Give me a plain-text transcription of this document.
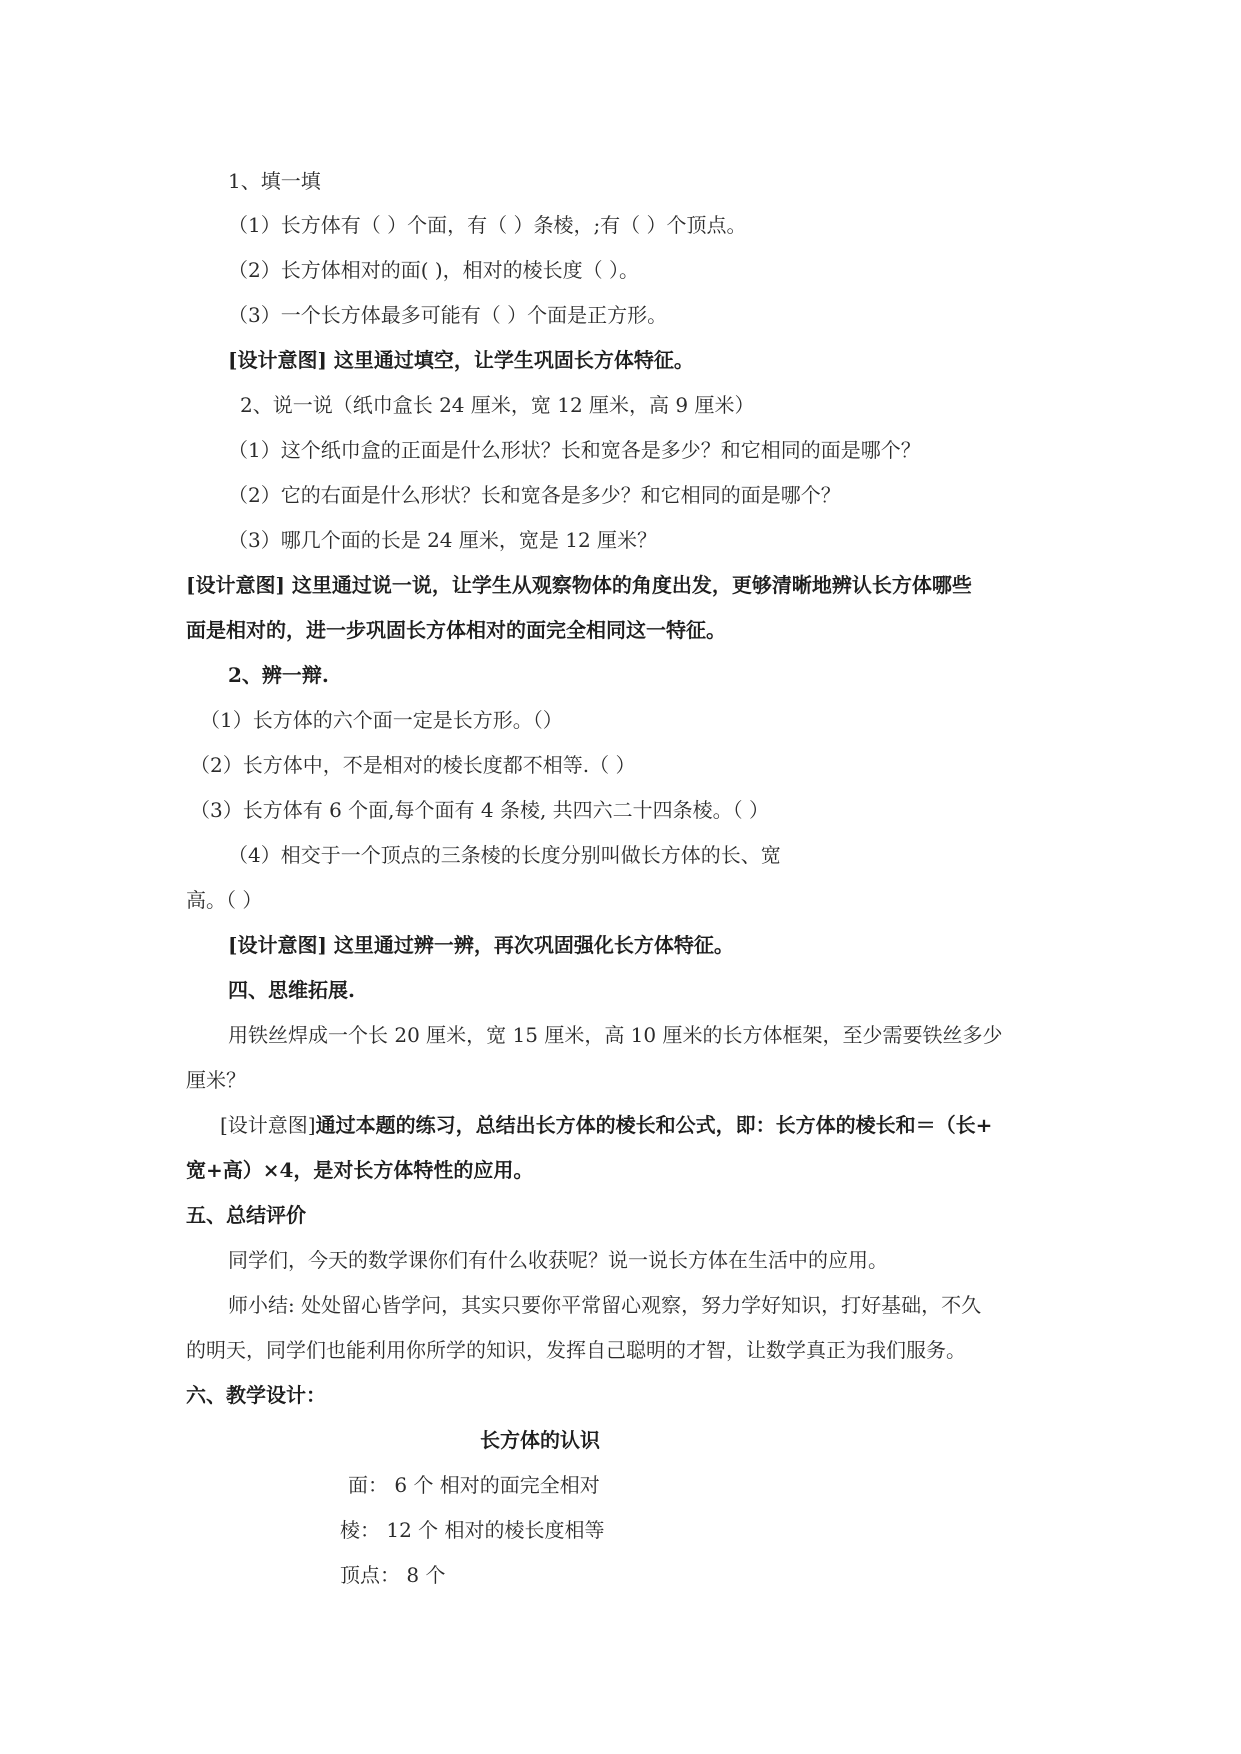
1、填一填
（1）长方体有（ ）个面，有（ ）条棱，;有（ ）个顶点。
（2）长方体相对的面( )，相对的棱长度（ ）。
（3）一个长方体最多可能有（ ）个面是正方形。
[设计意图] 这里通过填空，让学生巩固长方体特征。
2、说一说（纸巾盒长 24 厘米，宽 12 厘米，高 9 厘米）
（1）这个纸巾盒的正面是什么形状？长和宽各是多少？和它相同的面是哪个？
（2）它的右面是什么形状？长和宽各是多少？和它相同的面是哪个？
（3）哪几个面的长是 24 厘米，宽是 12 厘米？
[设计意图] 这里通过说一说，让学生从观察物体的角度出发，更够清晰地辨认长方体哪些
面是相对的，进一步巩固长方体相对的面完全相同这一特征。
2、辨一辩.
（1）长方体的六个面一定是长方形。（）
（2）长方体中，不是相对的棱长度都不相等.（ ）
（3）长方体有 6 个面,每个面有 4 条棱, 共四六二十四条棱。（ ）
（4）相交于一个顶点的三条棱的长度分别叫做长方体的长、宽
高。（ ）
[设计意图] 这里通过辨一辨，再次巩固强化长方体特征。
四、思维拓展.
用铁丝焊成一个长 20 厘米，宽 15 厘米，高 10 厘米的长方体框架，至少需要铁丝多少
厘米？
[设计意图]通过本题的练习，总结出长方体的棱长和公式，即：长方体的棱长和＝（长+
宽+高）×4，是对长方体特性的应用。
五、总结评价
同学们，今天的数学课你们有什么收获呢？说一说长方体在生活中的应用。
师小结: 处处留心皆学问，其实只要你平常留心观察，努力学好知识，打好基础，不久
的明天，同学们也能利用你所学的知识，发挥自己聪明的才智，让数学真正为我们服务。
六、教学设计：
长方体的认识
面： 6 个 相对的面完全相对
棱： 12 个 相对的棱长度相等
顶点： 8 个
